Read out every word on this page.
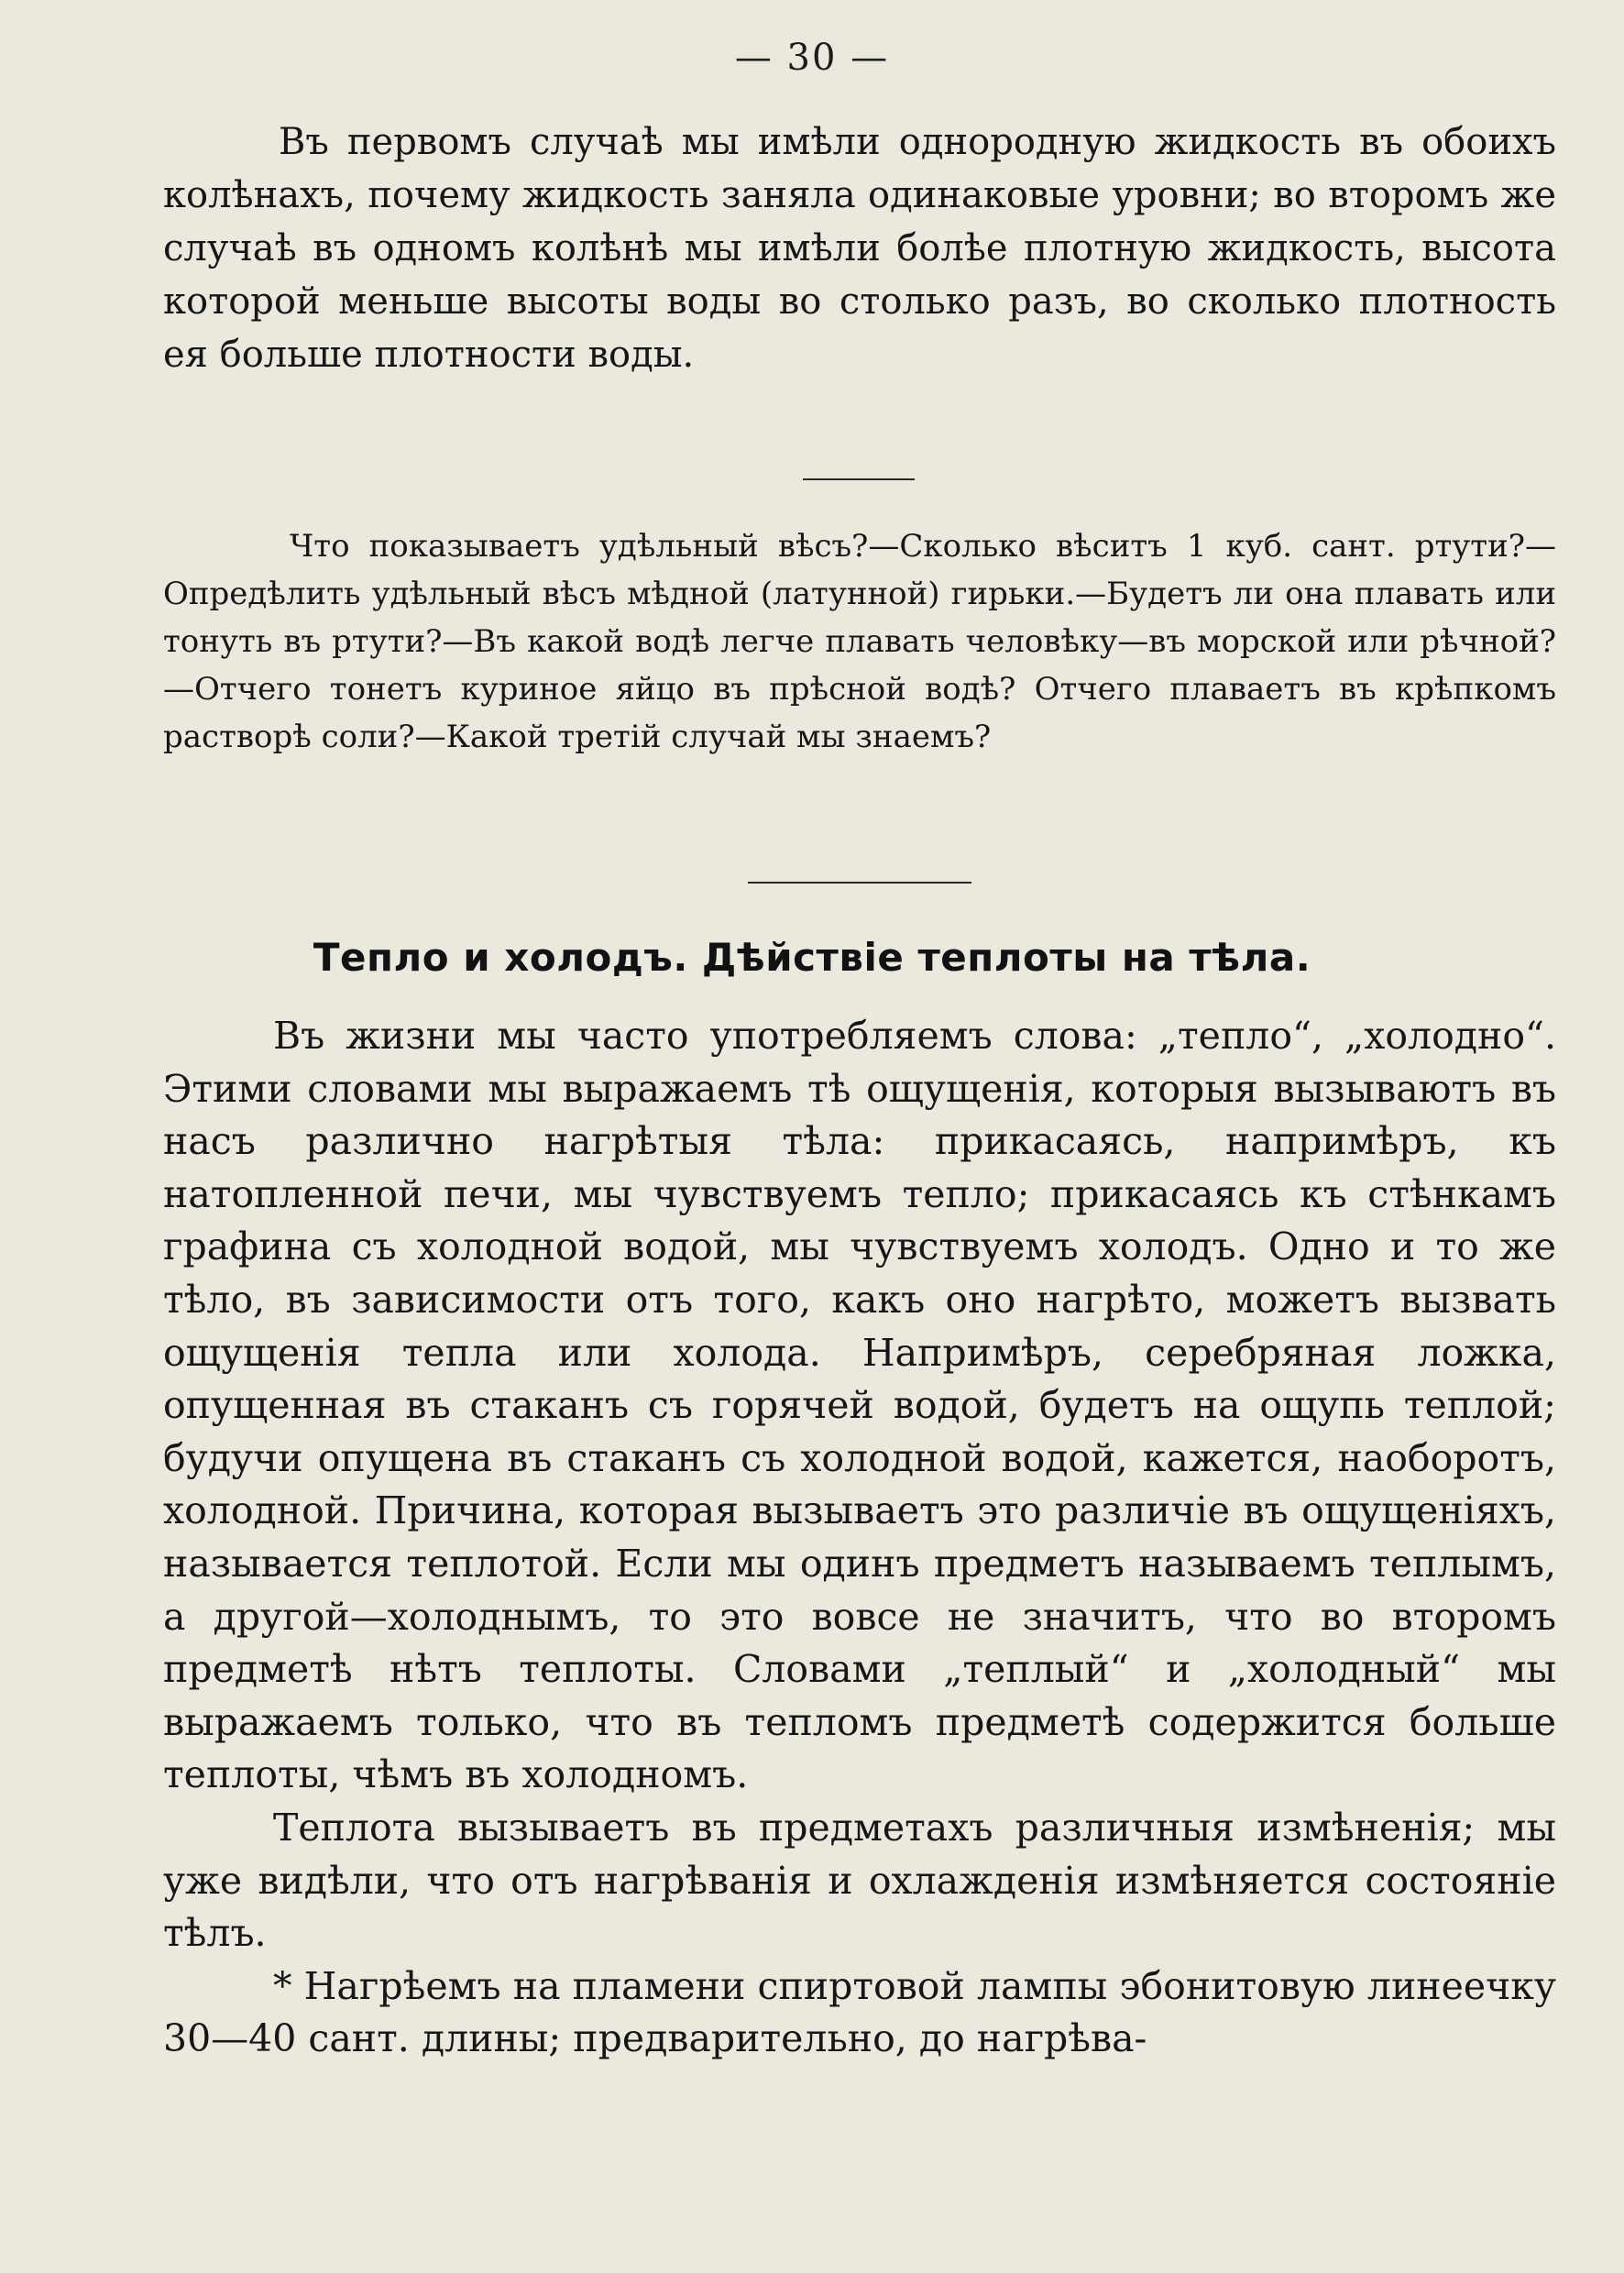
— 30 —
Въ первомъ случаѣ мы имѣли однородную жидкость въ обоихъ колѣнахъ, почему жидкость заняла одинаковые уровни; во второмъ же случаѣ въ одномъ колѣнѣ мы имѣли болѣе плотную жидкость, высота которой меньше высоты воды во столько разъ, во сколько плотность ея больше плотности воды.
Что показываетъ удѣльный вѣсъ?—Сколько вѣситъ 1 куб. сант. ртути?—Опредѣлить удѣльный вѣсъ мѣдной (латунной) гирьки.—Будетъ ли она плавать или тонуть въ ртути?—Въ какой водѣ легче плавать человѣку—въ морской или рѣчной?—Отчего тонетъ куриное яйцо въ прѣсной водѣ? Отчего плаваетъ въ крѣпкомъ растворѣ соли?—Какой третій случай мы знаемъ?
Тепло и холодъ. Дѣйствіе теплоты на тѣла.

Въ жизни мы часто употребляемъ слова: „тепло“, „холодно“. Этими словами мы выражаемъ тѣ ощущенія, которыя вызываютъ въ насъ различно нагрѣтыя тѣла: прикасаясь, напримѣръ, къ натопленной печи, мы чувствуемъ тепло; прикасаясь къ стѣнкамъ графина съ холодной водой, мы чувствуемъ холодъ. Одно и то же тѣло, въ зависимости отъ того, какъ оно нагрѣто, можетъ вызвать ощущенія тепла или холода. Напримѣръ, серебряная ложка, опущенная въ стаканъ съ горячей водой, будетъ на ощупь теплой; будучи опущена въ стаканъ съ холодной водой, кажется, наоборотъ, холодной. Причина, которая вызываетъ это различіе въ ощущеніяхъ, называется теплотой. Если мы одинъ предметъ называемъ теплымъ, а другой—холоднымъ, то это вовсе не значитъ, что во второмъ предметѣ нѣтъ теплоты. Словами „теплый“ и „холодный“ мы выражаемъ только, что въ тепломъ предметѣ содержится больше теплоты, чѣмъ въ холодномъ.

Теплота вызываетъ въ предметахъ различныя измѣненія; мы уже видѣли, что отъ нагрѣванія и охлажденія измѣняется состояніе тѣлъ.

* Нагрѣемъ на пламени спиртовой лампы эбонитовую линеечку 30—40 сант. длины; предварительно, до нагрѣва-
